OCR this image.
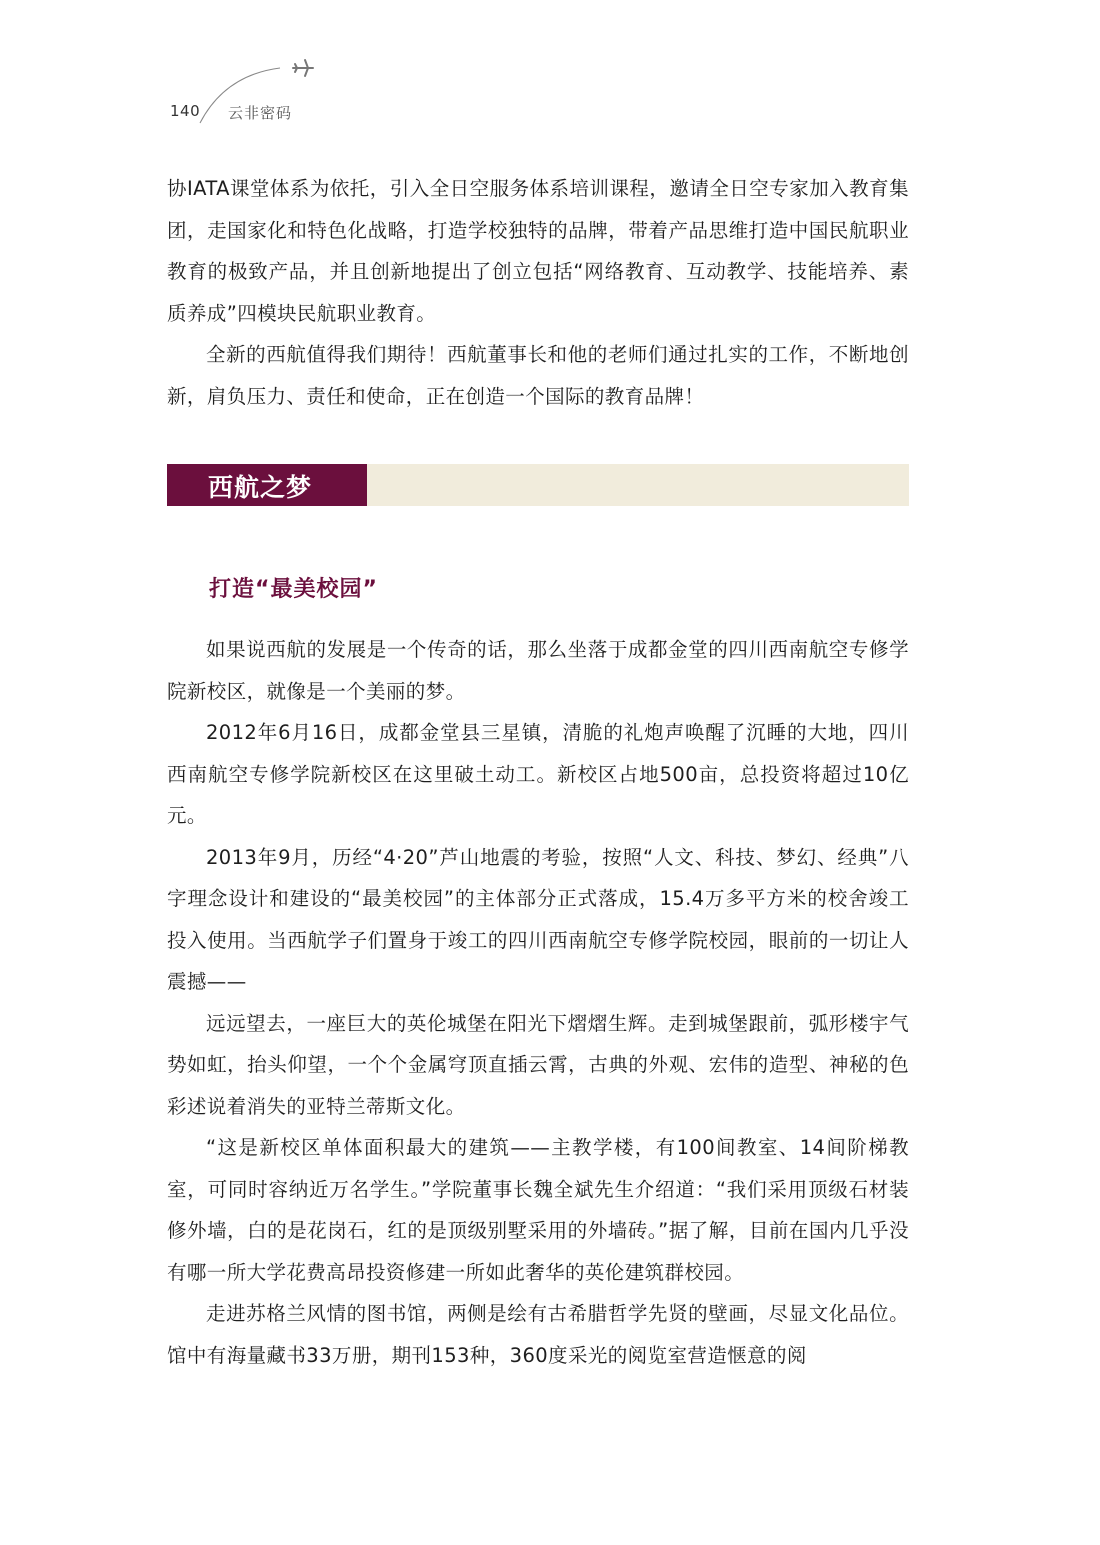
140 云非密码

协IATA课堂体系为依托，引入全日空服务体系培训课程，邀请全日空专家加入教育集团，走国家化和特色化战略，打造学校独特的品牌，带着产品思维打造中国民航职业教育的极致产品，并且创新地提出了创立包括“网络教育、互动教学、技能培养、素质养成”四模块民航职业教育。

全新的西航值得我们期待！西航董事长和他的老师们通过扎实的工作，不断地创新，肩负压力、责任和使命，正在创造一个国际的教育品牌！

西航之梦
打造“最美校园”

如果说西航的发展是一个传奇的话，那么坐落于成都金堂的四川西南航空专修学院新校区，就像是一个美丽的梦。

2012年6月16日，成都金堂县三星镇，清脆的礼炮声唤醒了沉睡的大地，四川西南航空专修学院新校区在这里破土动工。新校区占地500亩，总投资将超过10亿元。

2013年9月，历经“4·20”芦山地震的考验，按照“人文、科技、梦幻、经典”八字理念设计和建设的“最美校园”的主体部分正式落成，15.4万多平方米的校舍竣工投入使用。当西航学子们置身于竣工的四川西南航空专修学院校园，眼前的一切让人震撼——

远远望去，一座巨大的英伦城堡在阳光下熠熠生辉。走到城堡跟前，弧形楼宇气势如虹，抬头仰望，一个个金属穹顶直插云霄，古典的外观、宏伟的造型、神秘的色彩述说着消失的亚特兰蒂斯文化。

“这是新校区单体面积最大的建筑——主教学楼，有100间教室、14间阶梯教室，可同时容纳近万名学生。”学院董事长魏全斌先生介绍道：“我们采用顶级石材装修外墙，白的是花岗石，红的是顶级别墅采用的外墙砖。”据了解，目前在国内几乎没有哪一所大学花费高昂投资修建一所如此奢华的英伦建筑群校园。

走进苏格兰风情的图书馆，两侧是绘有古希腊哲学先贤的壁画，尽显文化品位。馆中有海量藏书33万册，期刊153种，360度采光的阅览室营造惬意的阅
